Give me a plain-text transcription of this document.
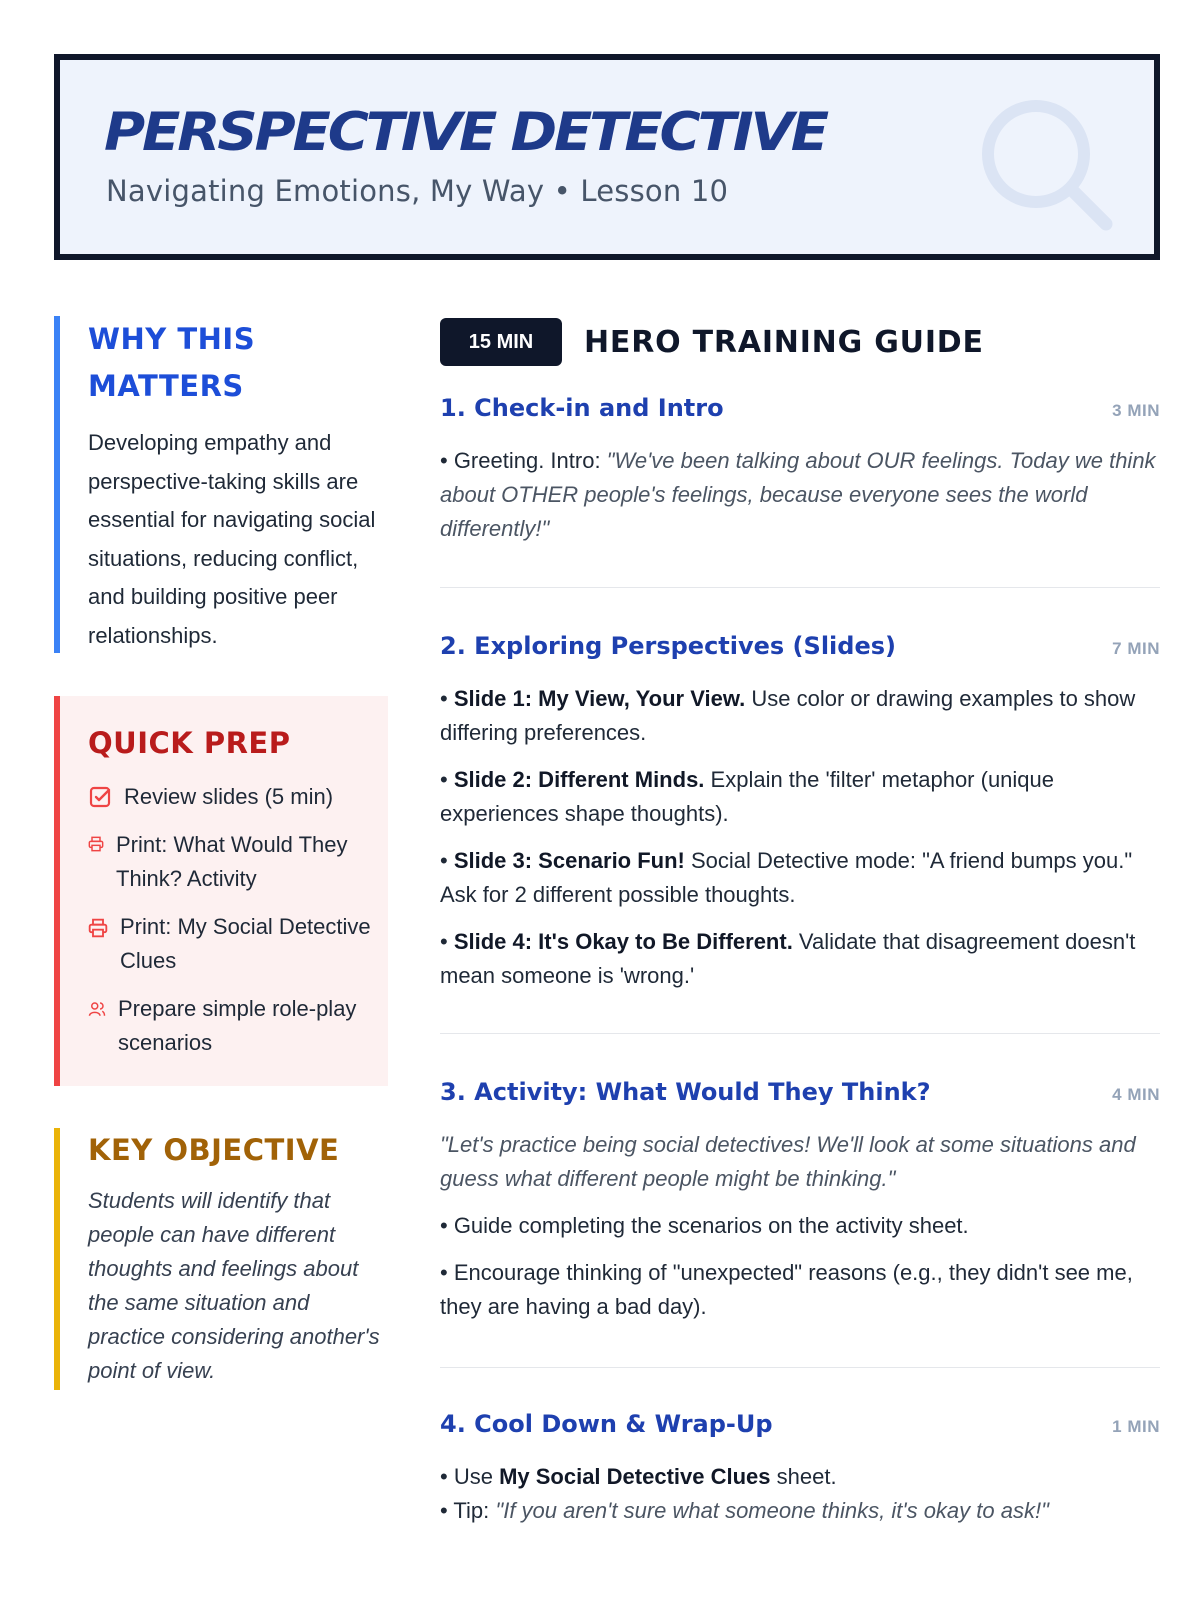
PERSPECTIVE DETECTIVE
Navigating Emotions, My Way • Lesson 10
WHY THIS
MATTERS

Developing empathy and perspective-taking skills are essential for navigating social situations, reducing conflict, and building positive peer relationships.

QUICK PREP
Review slides (5 min)
Print: What Would They Think? Activity
Print: My Social Detective Clues
Prepare simple role-play scenarios
KEY OBJECTIVE

Students will identify that people can have different thoughts and feelings about the same situation and practice considering another's point of view.

15 MIN	HERO TRAINING GUIDE
1. Check-in and Intro	3 MIN

• Greeting. Intro: "We've been talking about OUR feelings. Today we think about OTHER people's feelings, because everyone sees the world differently!"

2. Exploring Perspectives (Slides)	7 MIN

• Slide 1: My View, Your View. Use color or drawing examples to show differing preferences.

• Slide 2: Different Minds. Explain the 'filter' metaphor (unique experiences shape thoughts).

• Slide 3: Scenario Fun! Social Detective mode: "A friend bumps you." Ask for 2 different possible thoughts.

• Slide 4: It's Okay to Be Different. Validate that disagreement doesn't mean someone is 'wrong.'

3. Activity: What Would They Think?	4 MIN

"Let's practice being social detectives! We'll look at some situations and guess what different people might be thinking."

• Guide completing the scenarios on the activity sheet.

• Encourage thinking of "unexpected" reasons (e.g., they didn't see me, they are having a bad day).

4. Cool Down & Wrap-Up	1 MIN

• Use My Social Detective Clues sheet.

• Tip: "If you aren't sure what someone thinks, it's okay to ask!"
